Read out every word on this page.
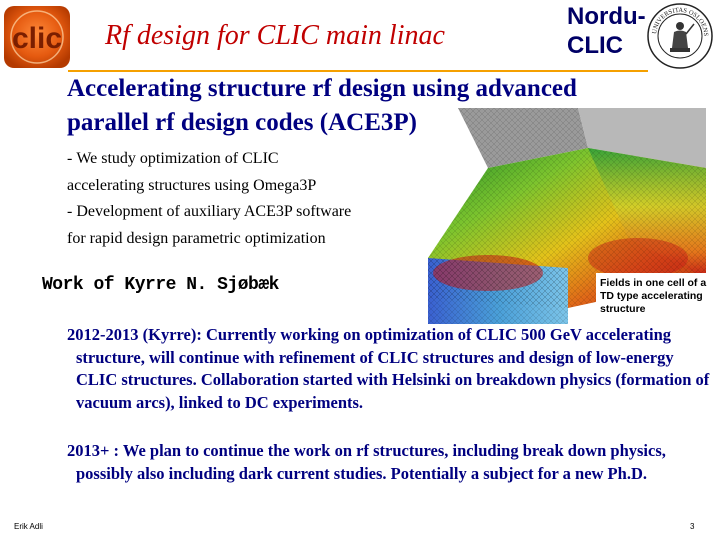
clic Rf design for CLIC main linac
Nordu-
CLIC
UNIVERSITAS OSLOENS
Accelerating structure rf design using advanced
parallel rf design codes (ACE3P)
- We study optimization of CLIC
accelerating structures using Omega3P
- Development of auxiliary ACE3P software
for rapid design parametric optimization
Work of Kyrre N. Sjøbæk	Fields in one cell of a TD type accelerating structure
2012-2013 (Kyrre): Currently working on optimization of CLIC 500 GeV accelerating
structure, will continue with refinement of CLIC structures and design of low-energy CLIC structures. Collaboration started with Helsinki on breakdown physics (formation of vacuum arcs), linked to DC experiments.
2013+ : We plan to continue the work on rf structures, including break down physics,
possibly also including dark current studies. Potentially a subject for a new Ph.D.
Erik Adli	3
